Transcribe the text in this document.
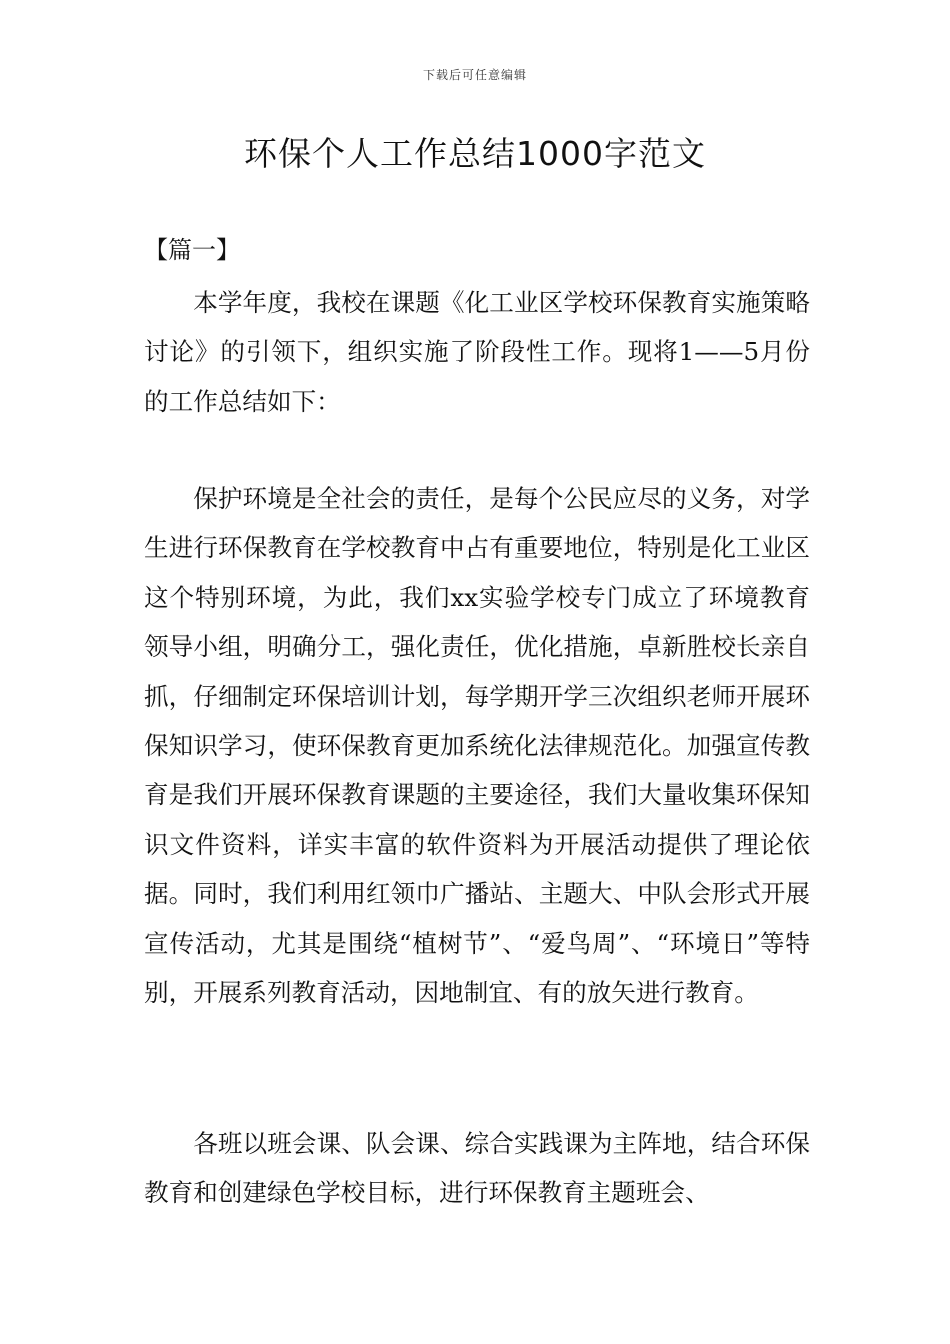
下载后可任意编辑
环保个人工作总结1000字范文
【篇一】

本学年度，我校在课题《化工业区学校环保教育实施策略讨论》的引领下，组织实施了阶段性工作。现将1——5月份的工作总结如下：

保护环境是全社会的责任，是每个公民应尽的义务，对学生进行环保教育在学校教育中占有重要地位，特别是化工业区这个特别环境，为此，我们xx实验学校专门成立了环境教育领导小组，明确分工，强化责任，优化措施，卓新胜校长亲自抓，仔细制定环保培训计划，每学期开学三次组织老师开展环保知识学习，使环保教育更加系统化法律规范化。加强宣传教育是我们开展环保教育课题的主要途径，我们大量收集环保知识文件资料，详实丰富的软件资料为开展活动提供了理论依据。同时，我们利用红领巾广播站、主题大、中队会形式开展宣传活动，尤其是围绕“植树节”、“爱鸟周”、“环境日”等特别，开展系列教育活动，因地制宜、有的放矢进行教育。

各班以班会课、队会课、综合实践课为主阵地，结合环保教育和创建绿色学校目标，进行环保教育主题班会、
